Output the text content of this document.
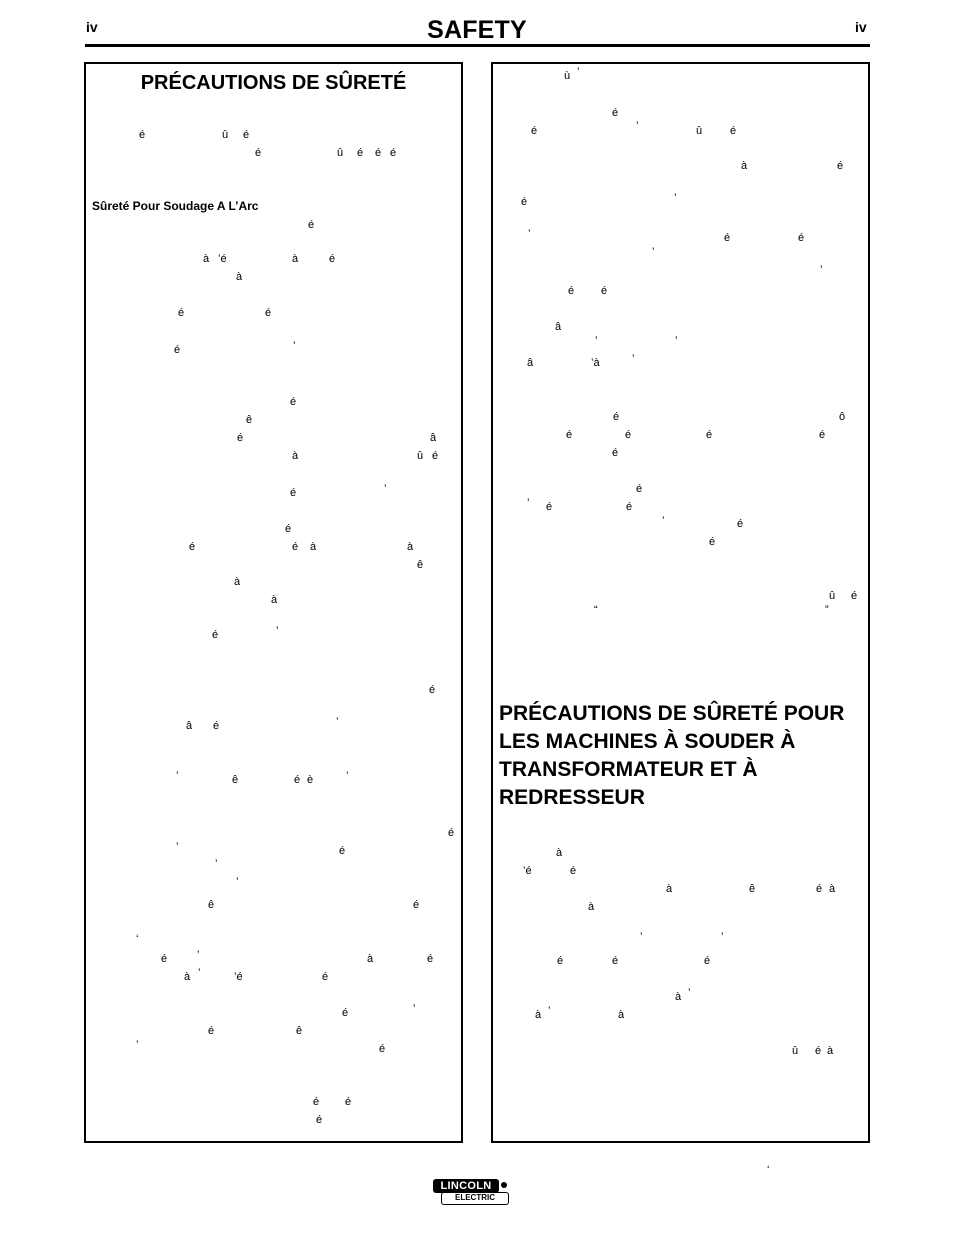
iv	SAFETY	iv
PRÉCAUTIONS DE SÛRETÉ
Sûreté Pour Soudage A L’Arc
PRÉCAUTIONS DE SÛRETÉ POUR LES MACHINES À SOUDER À TRANSFORMATEUR ET À REDRESSEUR
é	û é
é	û é é é
é
à ’é	à	é
à
é	é
é	’
é
ê
é	â
à	û é
é	’
é
é	é à	à
ê
à
à
é	’
é
â é	’
’	ê	é è	’
é
’	é
’
’
ê	é
‘
é	’	à	é
à ’	’é	é
é	’
é	ê
’	é
é é
é
ù ’
é
é	’	û	é
à	é
é	’
’	é	é
’
’
é é
â
’	’
â	’à	’
é	ô
é	é	é	é
é
é
’ é	é
’	é
é
û é
“	”
à
’é	é
à	ê	é à
à
’	’
é	é	é
à ’
à ’	à
û é à
‘
LINCOLN
ELECTRIC
